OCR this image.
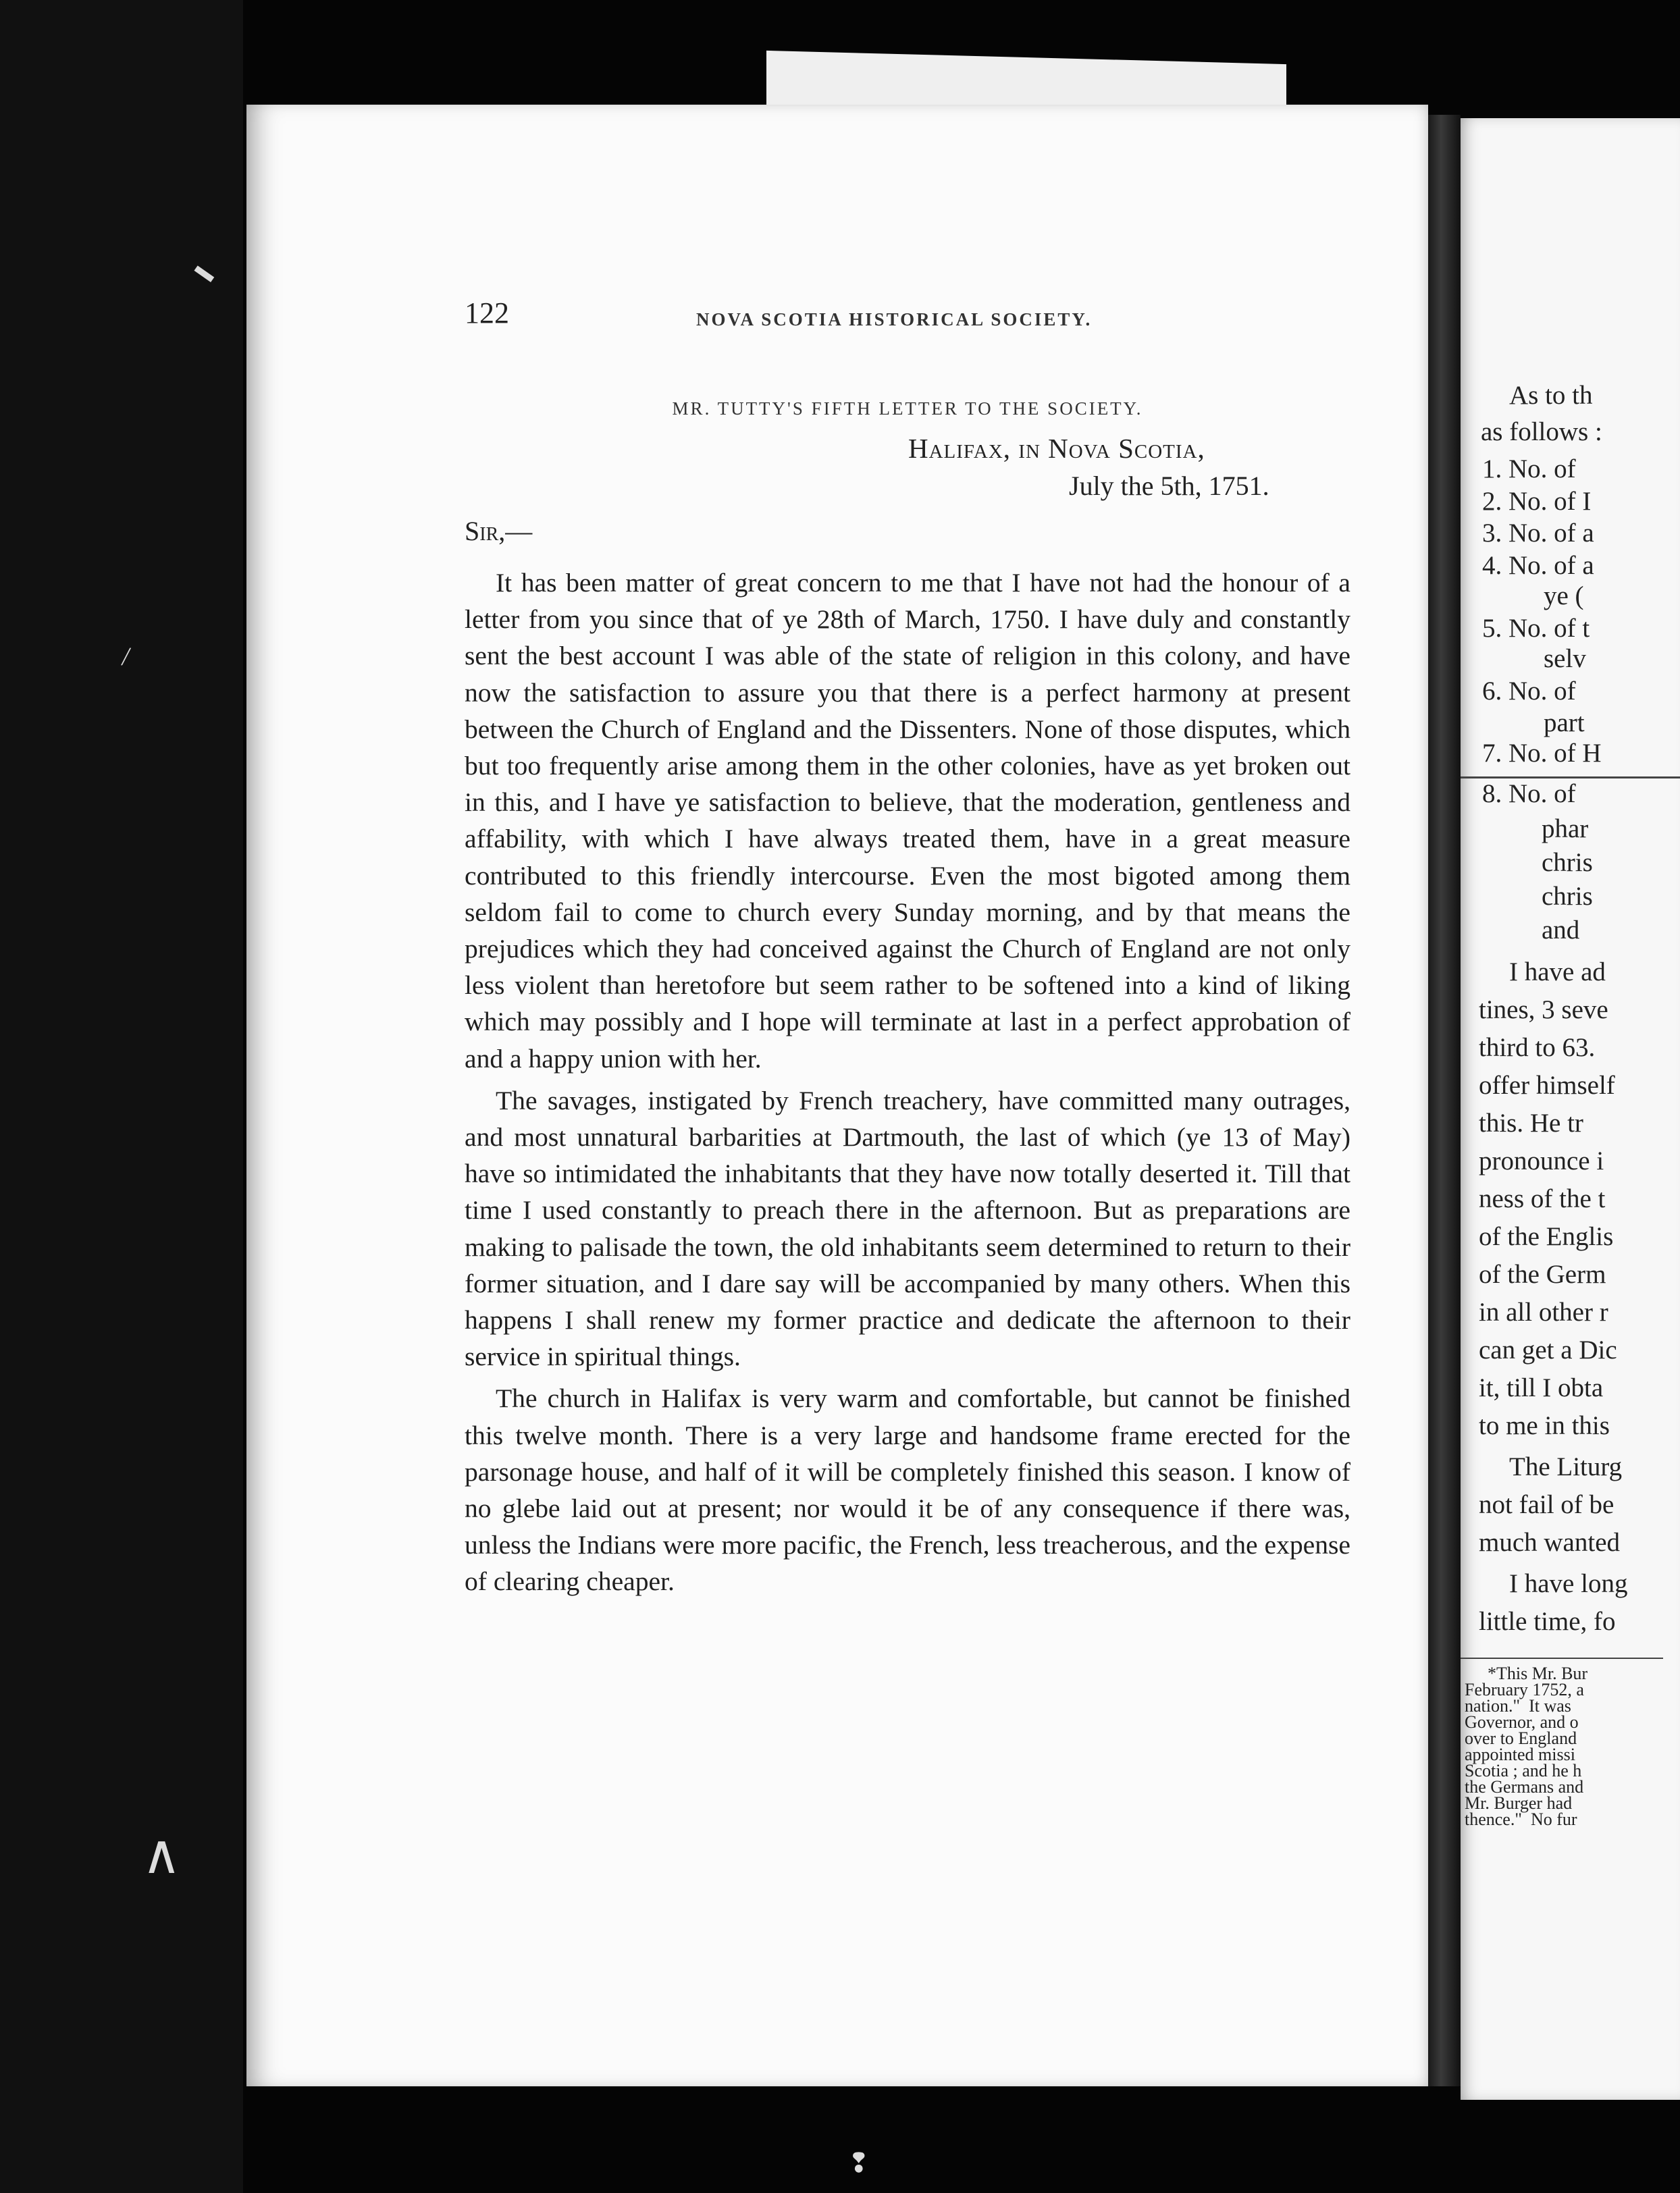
122	NOVA SCOTIA HISTORICAL SOCIETY.
MR. TUTTY'S FIFTH LETTER TO THE SOCIETY.
Halifax, in Nova Scotia,
July the 5th, 1751.
Sir,—

It has been matter of great concern to me that I have not had the honour of a letter from you since that of ye 28th of March, 1750. I have duly and constantly sent the best account I was able of the state of religion in this colony, and have now the satisfaction to assure you that there is a perfect harmony at present between the Church of England and the Dissenters. None of those disputes, which but too frequently arise among them in the other colonies, have as yet broken out in this, and I have ye satisfaction to believe, that the moderation, gentleness and affability, with which I have always treated them, have in a great measure contributed to this friendly intercourse. Even the most bigoted among them seldom fail to come to church every Sunday morning, and by that means the prejudices which they had conceived against the Church of England are not only less violent than heretofore but seem rather to be softened into a kind of liking which may possibly and I hope will terminate at last in a perfect approbation of and a happy union with her.

The savages, instigated by French treachery, have committed many outrages, and most unnatural barbarities at Dartmouth, the last of which (ye 13 of May) have so intimidated the inhabitants that they have now totally deserted it. Till that time I used constantly to preach there in the afternoon. But as preparations are making to palisade the town, the old inhabitants seem determined to return to their former situation, and I dare say will be accompanied by many others. When this happens I shall renew my former practice and dedicate the afternoon to their service in spiritual things.

The church in Halifax is very warm and comfortable, but cannot be finished this twelve month. There is a very large and handsome frame erected for the parsonage house, and half of it will be completely finished this season. I know of no glebe laid out at present; nor would it be of any consequence if there was, unless the Indians were more pacific, the French, less treacherous, and the expense of clearing cheaper.

As to th
as follows :
1. No. of
2. No. of I
3. No. of a
4. No. of a
ye (
5. No. of t
selv
6. No. of
part
7. No. of H
8. No. of
phar
chris
chris
and
I have ad
tines, 3 seve
third to 63.
offer himself
this. He tr
pronounce i
ness of the t
of the Englis
of the Germ
in all other r
can get a Dic
it, till I obta
to me in this
The Liturg
not fail of be
much wanted
I have long
little time, fo
*This Mr. Bur
February 1752, a
nation."  It was
Governor, and o
over to England
appointed missi
Scotia ; and he h
the Germans and
Mr. Burger had
thence."  No fur
▬
╱
∧
❢
